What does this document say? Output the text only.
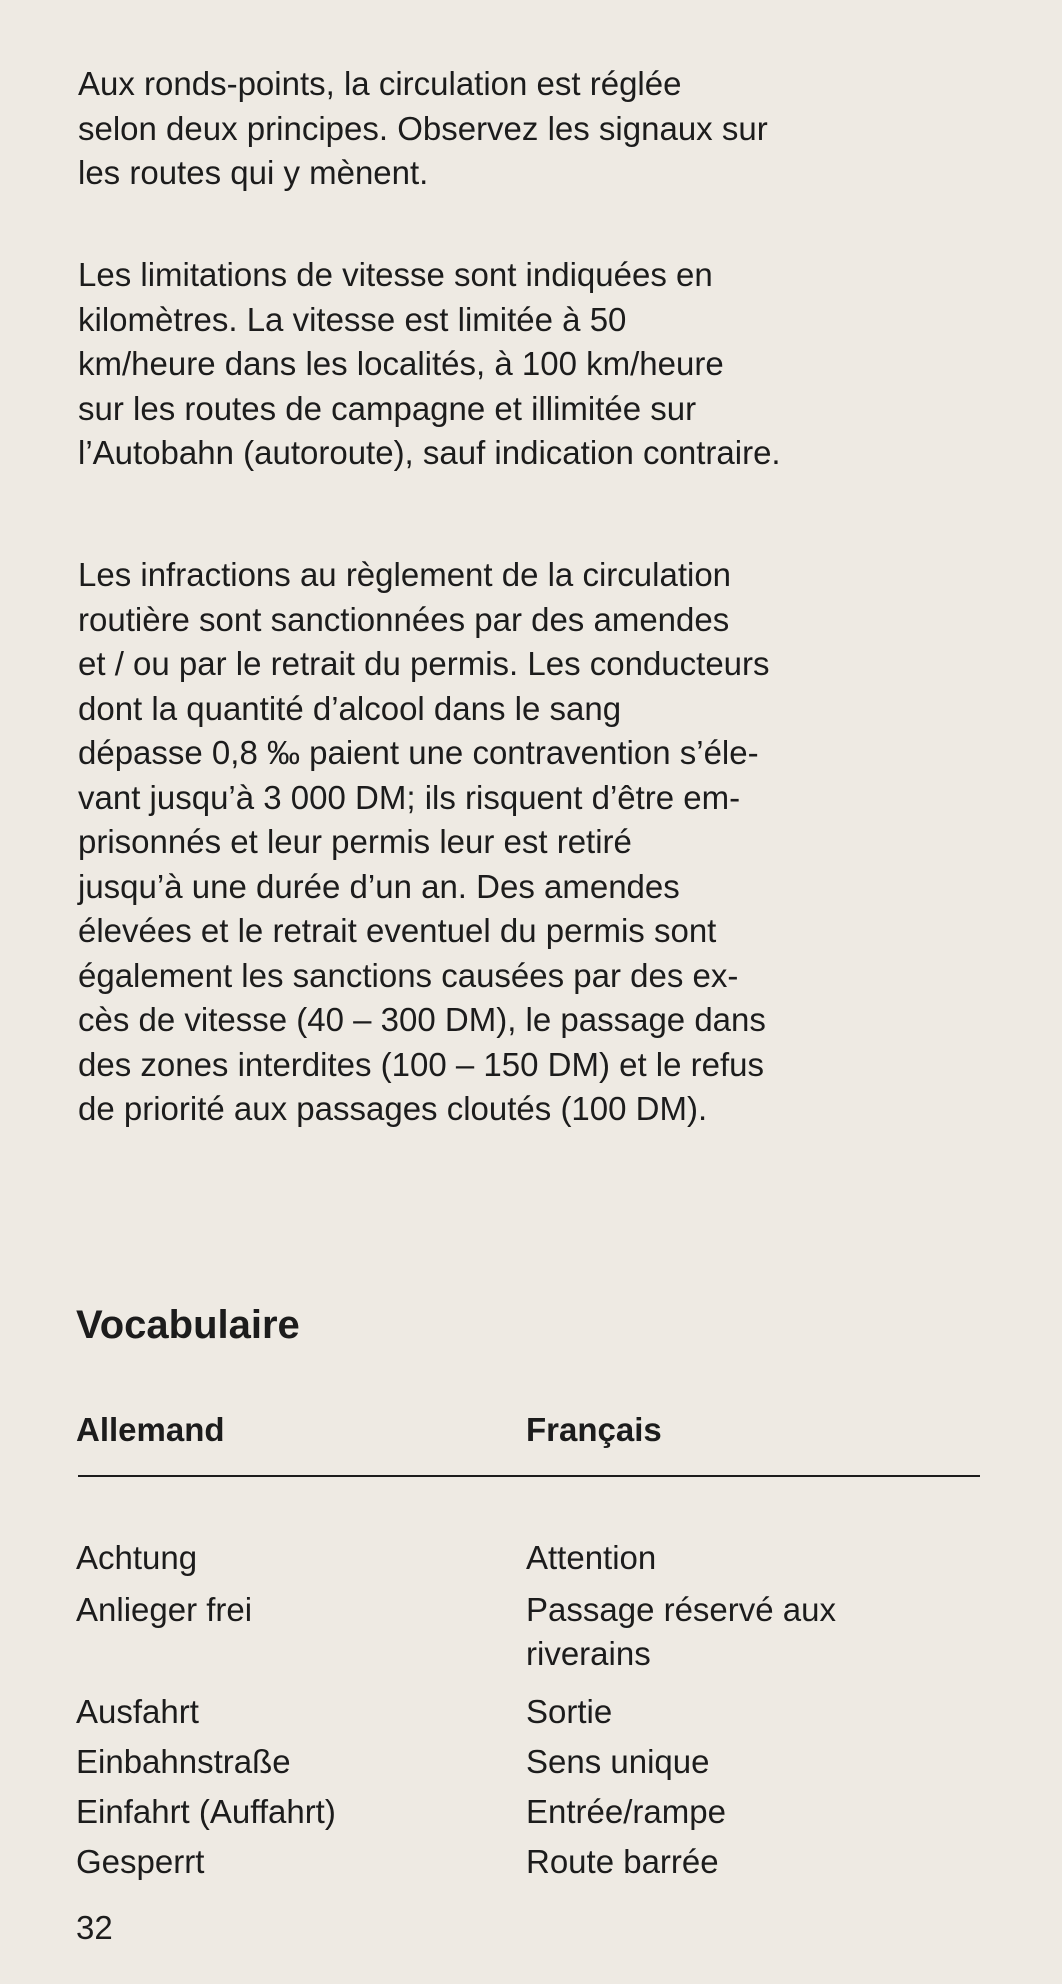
Aux ronds-points, la circulation est réglée
selon deux principes. Observez les signaux sur
les routes qui y mènent.

Les limitations de vitesse sont indiquées en
kilomètres. La vitesse est limitée à 50
km/heure dans les localités, à 100 km/heure
sur les routes de campagne et illimitée sur
l’Autobahn (autoroute), sauf indication contraire.

Les infractions au règlement de la circulation
routière sont sanctionnées par des amendes
et / ou par le retrait du permis. Les conducteurs
dont la quantité d’alcool dans le sang
dépasse 0,8 ‰ paient une contravention s’éle-
vant jusqu’à 3 000 DM; ils risquent d’être em-
prisonnés et leur permis leur est retiré
jusqu’à une durée d’un an. Des amendes
élevées et le retrait eventuel du permis sont
également les sanctions causées par des ex-
cès de vitesse (40 – 300 DM), le passage dans
des zones interdites (100 – 150 DM) et le refus
de priorité aux passages cloutés (100 DM).

Vocabulaire
Allemand	Français
Achtung	Attention
Anlieger frei	Passage réservé aux
riverains
Ausfahrt	Sortie
Einbahnstraße	Sens unique
Einfahrt (Auffahrt)	Entrée/rampe
Gesperrt	Route barrée
32
